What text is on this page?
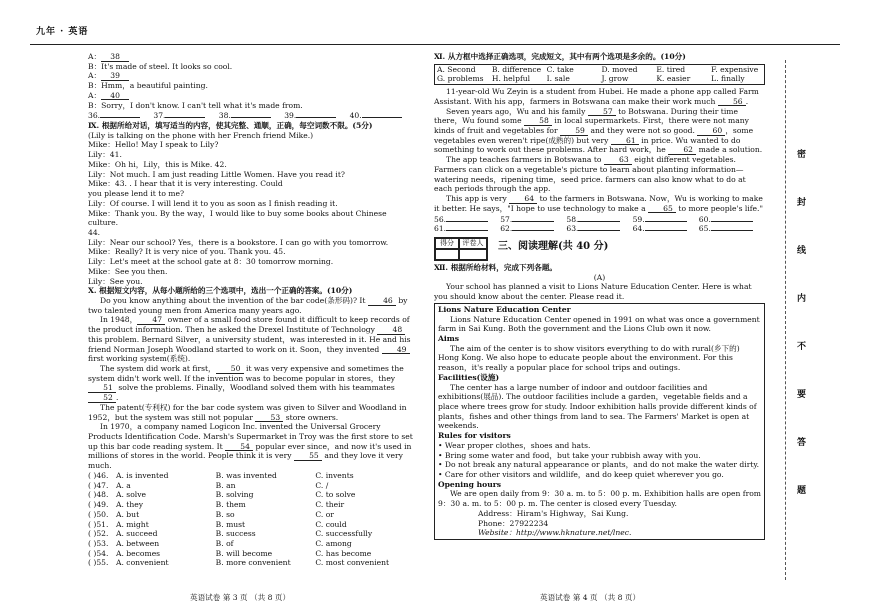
九年 · 英语
A： 38
B：It's made of steel. It looks so cool.
A： 39
B：Hmm，a beautiful painting.
A： 40
B：Sorry，I don't know. I can't tell what it's made from.
36.	37.	38.	39.	40.
Ⅸ. 根据所给对话，填写适当的内容，使其完整、通顺，正确，每空词数不限。(5分)
(Lily is talking on the phone with her French friend Mike.)
Mike：Hello! May I speak to Lily?
Lily：41.
Mike：Oh hi，Lily，this is Mike. 42.
Lily：Not much. I am just reading Little Women. Have you read it?
Mike：43. . I hear that it is very interesting. Could
you please lend it to me?
Lily：Of course. I will lend it to you as soon as I finish reading it.
Mike：Thank you. By the way，I would like to buy some books about Chinese culture.
44.
Lily：Near our school? Yes，there is a bookstore. I can go with you tomorrow.
Mike：Really? It is very nice of you. Thank you. 45.
Lily：Let's meet at the school gate at 8：30 tomorrow morning.
Mike：See you then.
Lily：See you.
Ⅹ. 根据短文内容，从每小题所给的三个选项中，选出一个正确的答案。(10分)
Do you know anything about the invention of the bar code(条形码)? It 46 by two talented young men from America many years ago.
In 1948， 47 owner of a small food store found it difficult to keep records of the product information. Then he asked the Drexel Institute of Technology 48 this problem. Bernard Silver，a university student，was interested in it. He and his friend Norman Joseph Woodland started to work on it. Soon，they invented 49 first working system(系统).
The system did work at first， 50 it was very expensive and sometimes the system didn't work well. If the invention was to become popular in stores，they 51 solve the problems. Finally，Woodland solved them with his teammates 52 .
The patent(专利权) for the bar code system was given to Silver and Woodland in 1952，but the system was still not popular 53 store owners.
In 1970，a company named Logicon Inc. invented the Universal Grocery Products Identification Code. Marsh's Supermarket in Troy was the first store to set up this bar code reading system. It 54 popular ever since，and now it's used in millions of stores in the world. People think it is very 55 and they love it very much.
( )46. A. is invented	B. was invented	C. invents
( )47. A. a	B. an	C. /
( )48. A. solve	B. solving	C. to solve
( )49. A. they	B. them	C. their
( )50. A. but	B. so	C. or
( )51. A. might	B. must	C. could
( )52. A. succeed	B. success	C. successfully
( )53. A. between	B. of	C. among
( )54. A. becomes	B. will become	C. has become
( )55. A. convenient	B. more convenient	C. most convenient
Ⅺ. 从方框中选择正确选项，完成短文，其中有两个选项是多余的。(10分)
A. Second	B. difference C. take	D. moved	E. tired	F. expensive
G. problems	H. helpful	I. sale	J. grow	K. easier	L. finally
11-year-old Wu Zeyin is a student from Hubei. He made a phone app called Farm Assistant. With his app，farmers in Botswana can make their work much 56 .
Seven years ago，Wu and his family 57 to Botswana. During their time there，Wu found some 58 in local supermarkets. First，there were not many kinds of fruit and vegetables for 59 and they were not so good. 60 ，some vegetables even weren't ripe(成熟的) but very 61 in price. Wu wanted to do something to work out these problems. After hard work，he 62 made a solution.
The app teaches farmers in Botswana to 63 eight different vegetables. Farmers can click on a vegetable's picture to learn about planting information—watering needs，ripening time，seed price. farmers can also know what to do at each periods through the app.
This app is very 64 to the farmers in Botswana. Now，Wu is working to make it better. He says，"I hope to use technology to make a 65 to more people's life."
56.	57.	58.	59.	60.
61.	62.	63.	64.	65.
得分	评卷人	三、阅读理解(共 40 分)
Ⅻ. 根据所给材料，完成下列各题。
(A)
Your school has planned a visit to Lions Nature Education Center. Here is what you should know about the center. Please read it.
Lions Nature Education Center
Lions Nature Education Center opened in 1991 on what was once a government farm in Sai Kung. Both the government and the Lions Club own it now.
Aims
The aim of the center is to show visitors everything to do with rural(乡下的) Hong Kong. We also hope to educate people about the environment. For this reason，it's really a popular place for school trips and outings.
Facilities(设施)
The center has a large number of indoor and outdoor facilities and exhibitions(展品). The outdoor facilities include a garden，vegetable fields and a place where trees grow for study. Indoor exhibition halls provide different kinds of plants，fishes and other things from land to sea. The Farmers' Market is open at weekends.
Rules for visitors
• Wear proper clothes，shoes and hats.
• Bring some water and food，but take your rubbish away with you.
• Do not break any natural appearance or plants，and do not make the water dirty.
• Care for other visitors and wildlife，and do keep quiet wherever you go.
Opening hours
We are open daily from 9：30 a. m. to 5：00 p. m. Exhibition halls are open from 9：30 a. m. to 5：00 p. m. The center is closed every Tuesday.
Address：Hiram's Highway，Sai Kung.
Phone：27922234
Website：http://www.hknature.net/lnec.
英语试卷 第 3 页 （共 8 页）	英语试卷 第 4 页 （共 8 页）
密
封
线
内
不
要
答
题
